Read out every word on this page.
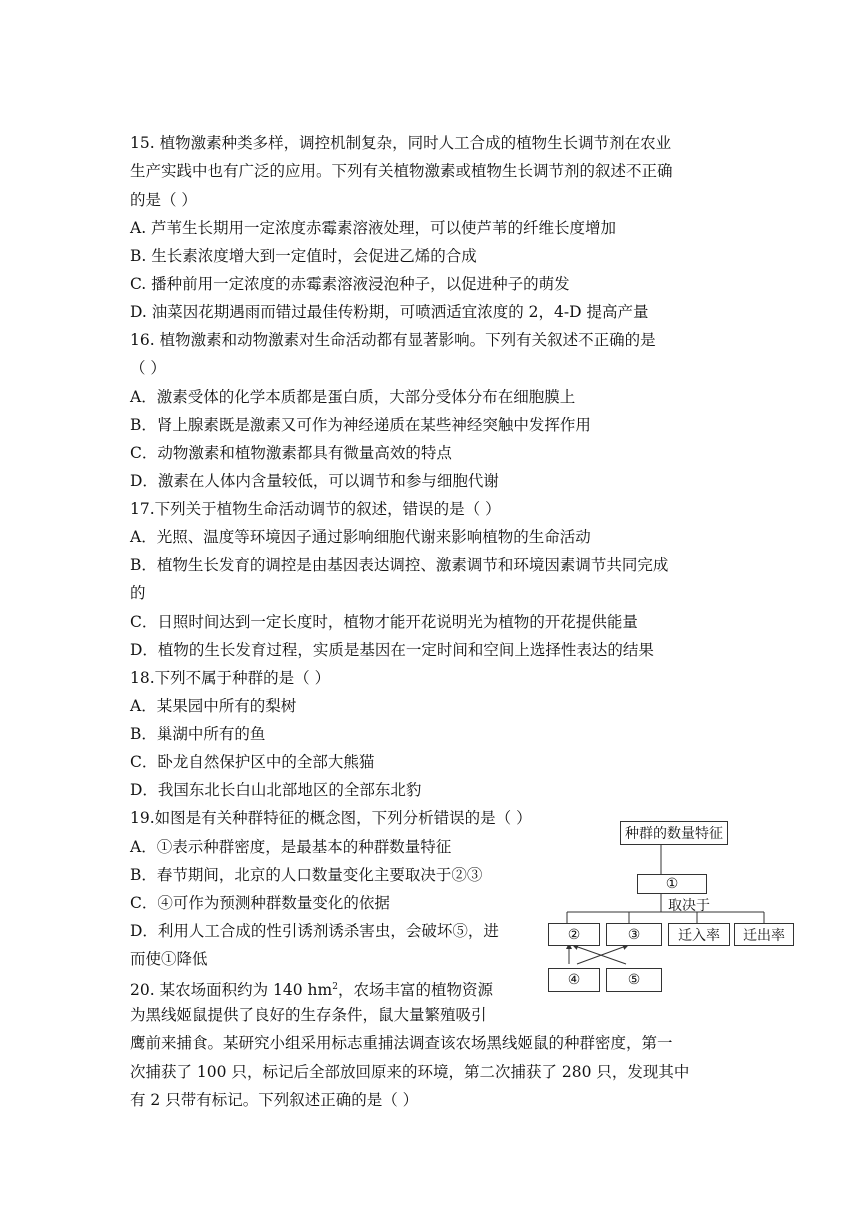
15. 植物激素种类多样，调控机制复杂，同时人工合成的植物生长调节剂在农业
生产实践中也有广泛的应用。下列有关植物激素或植物生长调节剂的叙述不正确
的是（ ）
A. 芦苇生长期用一定浓度赤霉素溶液处理，可以使芦苇的纤维长度增加
B. 生长素浓度增大到一定值时，会促进乙烯的合成
C. 播种前用一定浓度的赤霉素溶液浸泡种子，以促进种子的萌发
D. 油菜因花期遇雨而错过最佳传粉期，可喷洒适宜浓度的 2，4-D 提高产量
16. 植物激素和动物激素对生命活动都有显著影响。下列有关叙述不正确的是
（ ）
A．激素受体的化学本质都是蛋白质，大部分受体分布在细胞膜上
B．肾上腺素既是激素又可作为神经递质在某些神经突触中发挥作用
C．动物激素和植物激素都具有微量高效的特点
D．激素在人体内含量较低，可以调节和参与细胞代谢
17.下列关于植物生命活动调节的叙述，错误的是（ ）
A．光照、温度等环境因子通过影响细胞代谢来影响植物的生命活动
B．植物生长发育的调控是由基因表达调控、激素调节和环境因素调节共同完成
的
C．日照时间达到一定长度时，植物才能开花说明光为植物的开花提供能量
D．植物的生长发育过程，实质是基因在一定时间和空间上选择性表达的结果
18.下列不属于种群的是（ ）
A．某果园中所有的梨树
B．巢湖中所有的鱼
C．卧龙自然保护区中的全部大熊猫
D．我国东北长白山北部地区的全部东北豹
19.如图是有关种群特征的概念图，下列分析错误的是（ ）
A．①表示种群密度，是最基本的种群数量特征
B．春节期间，北京的人口数量变化主要取决于②③
C．④可作为预测种群数量变化的依据
D．利用人工合成的性引诱剂诱杀害虫，会破坏⑤，进
而使①降低
20. 某农场面积约为 140 $hm^2$，农场丰富的植物资源
为黑线姬鼠提供了良好的生存条件，鼠大量繁殖吸引
鹰前来捕食。某研究小组采用标志重捕法调查该农场黑线姬鼠的种群密度，第一
次捕获了 100 只，标记后全部放回原来的环境，第二次捕获了 280 只，发现其中
有 2 只带有标记。下列叙述正确的是（ ）
种群的数量特征
①
取决于
②	③	迁入率	迁出率
④	⑤
